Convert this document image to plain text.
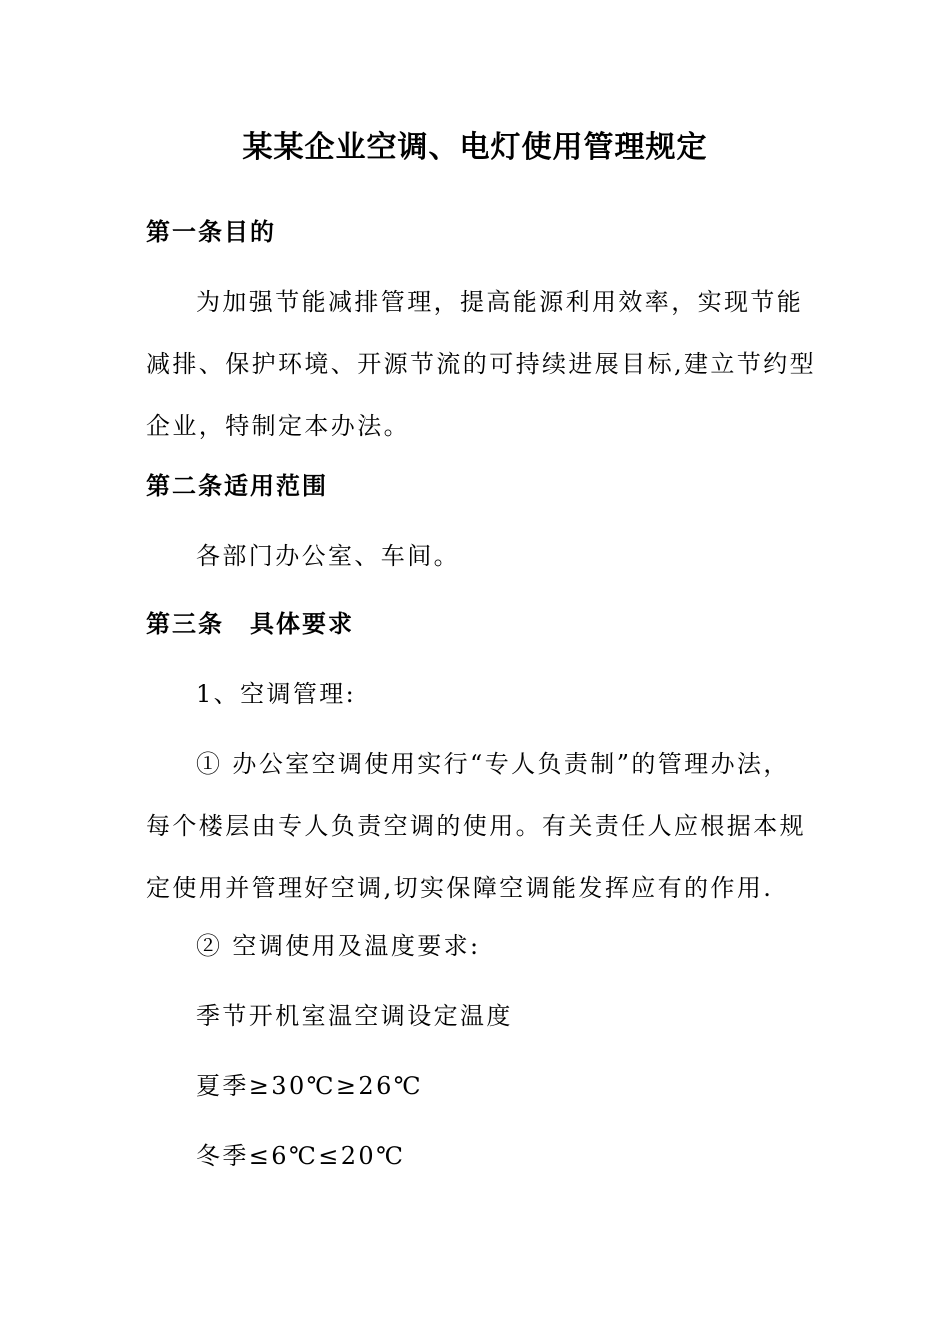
某某企业空调、电灯使用管理规定
第一条目的
为加强节能减排管理，提高能源利用效率，实现节能
减排、保护环境、开源节流的可持续进展目标,建立节约型
企业，特制定本办法。
第二条适用范围
各部门办公室、车间。
第三条　具体要求
1、空调管理:
① 办公室空调使用实行“专人负责制”的管理办法，
每个楼层由专人负责空调的使用。有关责任人应根据本规
定使用并管理好空调,切实保障空调能发挥应有的作用.
② 空调使用及温度要求:
季节开机室温空调设定温度
夏季≥30℃≥26℃
冬季≤6℃≤20℃
